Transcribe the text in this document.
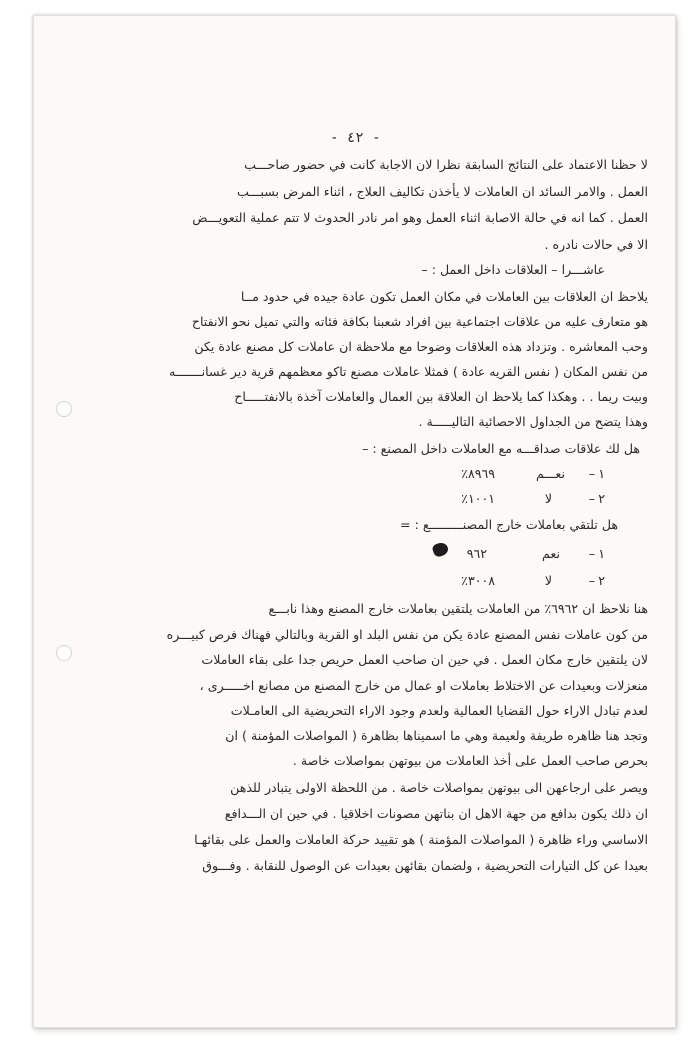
- ٤٢ -
لا حظنا الاعتماد على النتائج السابقة نظرا لان الاجابة كانت في حضور صاحـــب
العمل . والامر السائد ان العاملات لا يأخذن تكاليف العلاج ، اثناء المرض بسبـــب
العمل . كما انه في حالة الاصابة اثناء العمل وهو امر نادر الحدوث لا تتم عملية التعويـــض
الا في حالات نادره .
عاشـــرا – العلاقات داخل العمل : –
يلاحظ ان العلاقات بين العاملات في مكان العمل تكون عادة جيده في حدود مــا
هو متعارف عليه من علاقات اجتماعية بين افراد شعبنا بكافة فئاته والتي تميل نحو الانفتاح
وحب المعاشره . وتزداد هذه العلاقات وضوحا مع ملاحظة ان عاملات كل مصنع عادة يكن
من نفس المكان ( نفس القريه عادة ) فمثلا عاملات مصنع تاكو معظمهم قرية دير غسانـــــــه
وبيت ريما . . وهكذا كما يلاحظ ان العلاقة بين العمال والعاملات آخذة بالانفتـــــاح
وهذا يتضح من الجداول الاحصائية التاليـــــة .
هل لك علاقات صداقـــه مع العاملات داخل المصنع : –
١
–
نعـــم
٨٩٦٩٪
٢
–
لا
١٠٠١٪
هل تلتقي بعاملات خارج المصنـــــــــع : =
١
–
نعم
٩٦٢
٢
–
لا
٣٠٠٨٪
هنا نلاحظ ان ٦٩٦٢٪ من العاملات يلتقين بعاملات خارج المصنع وهذا نابـــع
من كون عاملات نفس المصنع عادة يكن من نفس البلد او القرية وبالتالي فهناك فرص كبيـــره
لان يلتقين خارج مكان العمل . في حين ان صاحب العمل حريص جدا على بقاء العاملات
منعزلات وبعيدات عن الاختلاط بعاملات او عمال من خارج المصنع من مصانع اخـــــرى ،
لعدم تبادل الاراء حول القضايا العمالية ولعدم وجود الاراء التحريضية الى العامـلات
وتجد هنا ظاهره طريفة ولعيمة وهي ما اسميناها بظاهرة ( المواصلات المؤمنة ) ان
بحرص صاحب العمل على أخذ العاملات من بيوتهن بمواصلات خاصة .
ويصر على ارجاعهن الى بيوتهن بمواصلات خاصة . من اللحظة الاولى يتبادر للذهن
ان ذلك يكون بدافع من جهة الاهل ان بناتهن مصونات اخلاقيا . في حين ان الـــدافع
الاساسي وراء ظاهرة ( المواصلات المؤمنة ) هو تقييد حركة العاملات والعمل على بقائهـا
بعيدا عن كل التيارات التحريضية ، ولضمان بقائهن بعيدات عن الوصول للنقابة . وفـــوق
